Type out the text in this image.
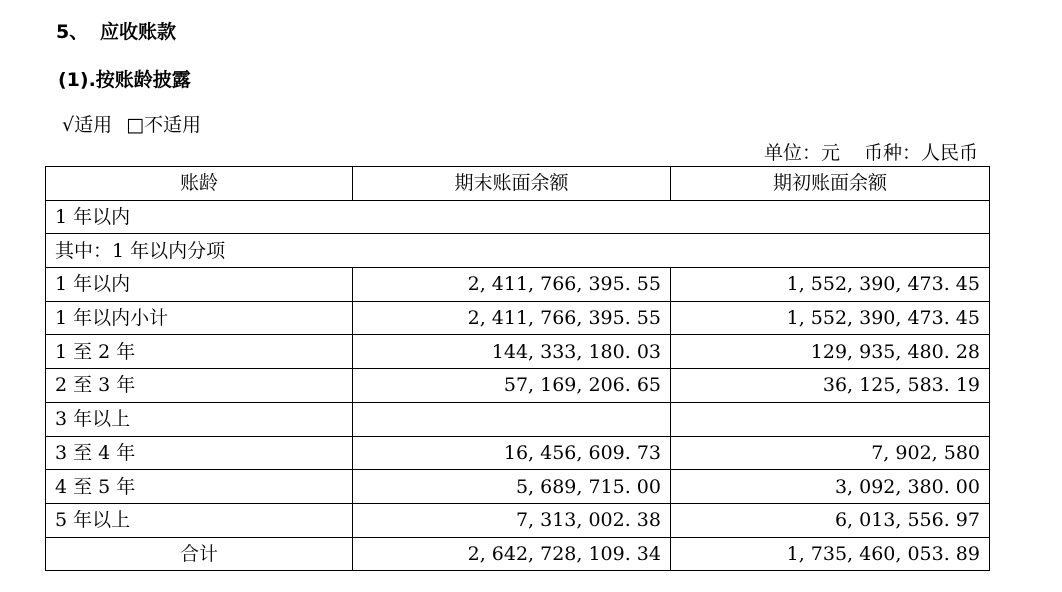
5、 应收账款
(1).按账龄披露
√适用 □不适用
单位：元 币种：人民币
账龄	期末账面余额	期初账面余额
1 年以内		
其中：1 年以内分项		
1 年以内	2, 411, 766, 395. 55	1, 552, 390, 473. 45
1 年以内小计	2, 411, 766, 395. 55	1, 552, 390, 473. 45
1 至 2 年	144, 333, 180. 03	129, 935, 480. 28
2 至 3 年	57, 169, 206. 65	36, 125, 583. 19
3 年以上		
3 至 4 年	16, 456, 609. 73	7, 902, 580
4 至 5 年	5, 689, 715. 00	3, 092, 380. 00
5 年以上	7, 313, 002. 38	6, 013, 556. 97
合计	2, 642, 728, 109. 34	1, 735, 460, 053. 89
